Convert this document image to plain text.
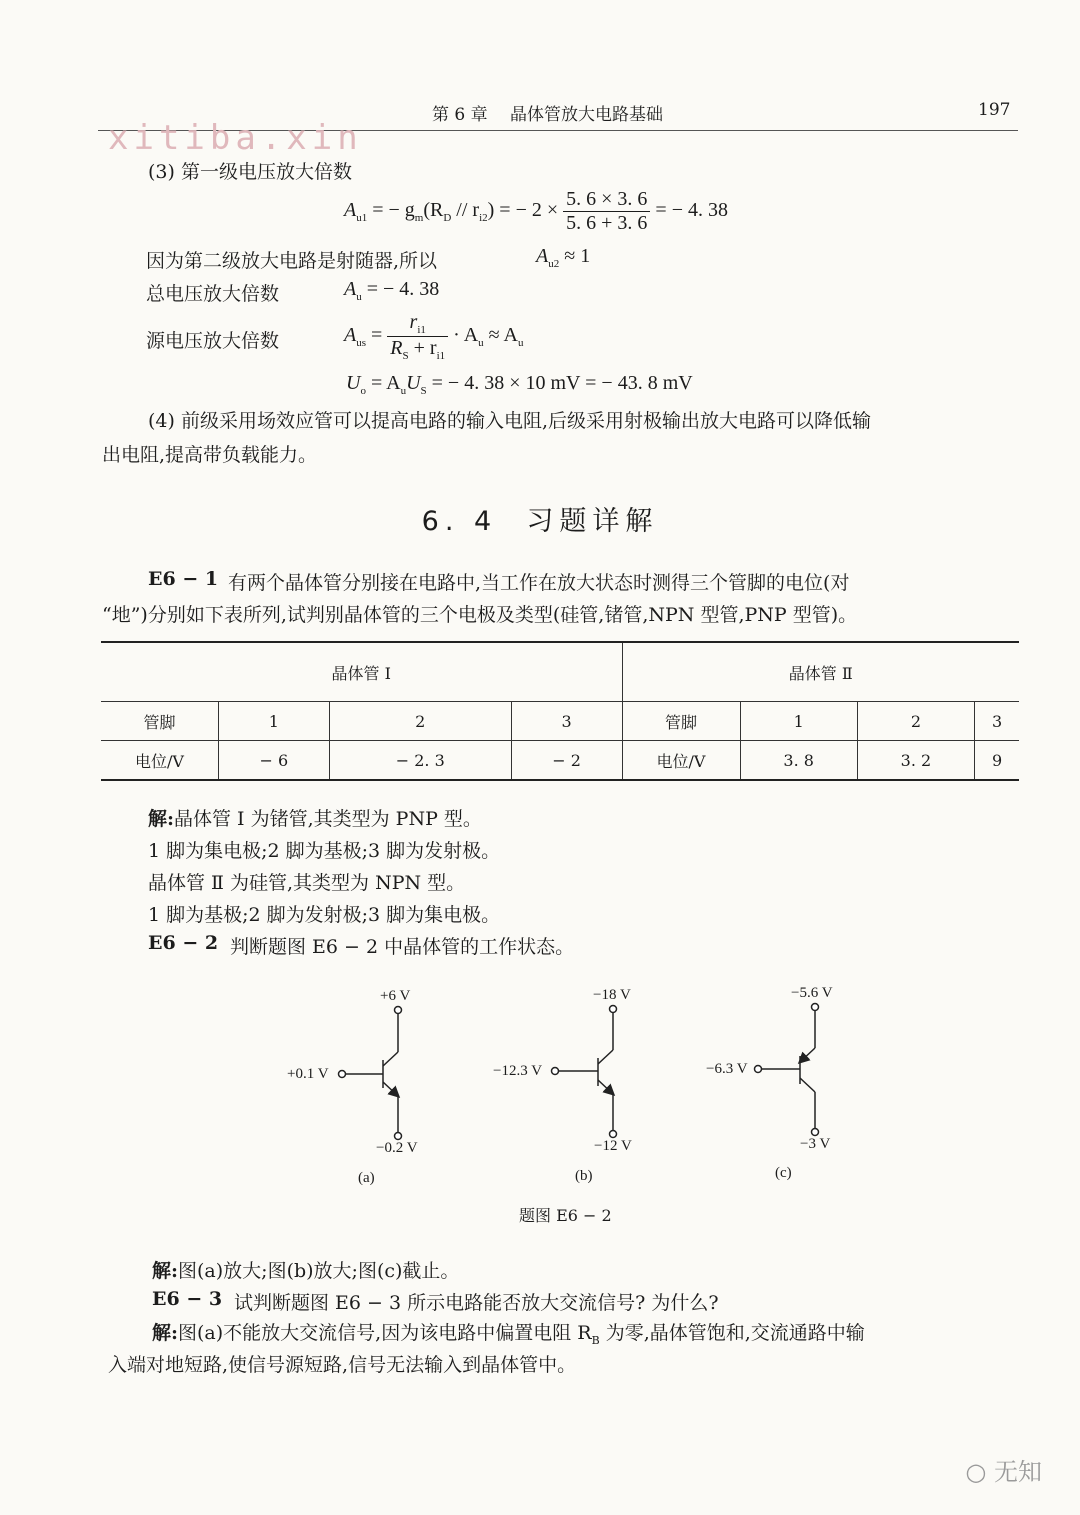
第 6 章 晶体管放大电路基础	197
xitiba.xin
(3) 第一级电压放大倍数
$A_{u1}$ = − $g_m(R_D // r_{i2})$ = − $2 \times \frac{5. 6 \times 3. 6}{5. 6 + 3. 6}$ = − 4. 38
因为第二级放大电路是射随器,所以	$A_{u2} \approx 1$
总电压放大倍数	$A_u$ = − 4. 38
源电压放大倍数	$A_{us} = \frac{r_{i1}}{R_S + r_{i1}} \cdot A_u \approx A_u$
$U_o = A_uU_S$ = − 4. 38 × 10 mV = − 43. 8 mV
(4) 前级采用场效应管可以提高电路的输入电阻,后级采用射极输出放大电路可以降低输
出电阻,提高带负载能力。
6. 4 习题详解
E6 − 1 有两个晶体管分别接在电路中,当工作在放大状态时测得三个管脚的电位(对
“地”)分别如下表所列,试判别晶体管的三个电极及类型(硅管,锗管,NPN 型管,PNP 型管)。
晶体管 I				晶体管 Ⅱ			
管脚	1	2	3	管脚	1	2	3
电位/V	− 6	− 2. 3	− 2	电位/V	3. 8	3. 2	9
解:晶体管 I 为锗管,其类型为 PNP 型。
1 脚为集电极;2 脚为基极;3 脚为发射极。
晶体管 Ⅱ 为硅管,其类型为 NPN 型。
1 脚为基极;2 脚为发射极;3 脚为集电极。
E6 − 2 判断题图 E6 − 2 中晶体管的工作状态。
+6 V
+0.1 V
−0.2 V
(a)
−18 V
−12.3 V
−12 V
(b)
−5.6 V
−6.3 V
−3 V
(c)
题图 E6 − 2
解:图(a)放大;图(b)放大;图(c)截止。
E6 − 3 试判断题图 E6 − 3 所示电路能否放大交流信号? 为什么?
解:图(a)不能放大交流信号,因为该电路中偏置电阻 $R_B$ 为零,晶体管饱和,交流通路中输
入端对地短路,使信号源短路,信号无法输入到晶体管中。
○ 无知
